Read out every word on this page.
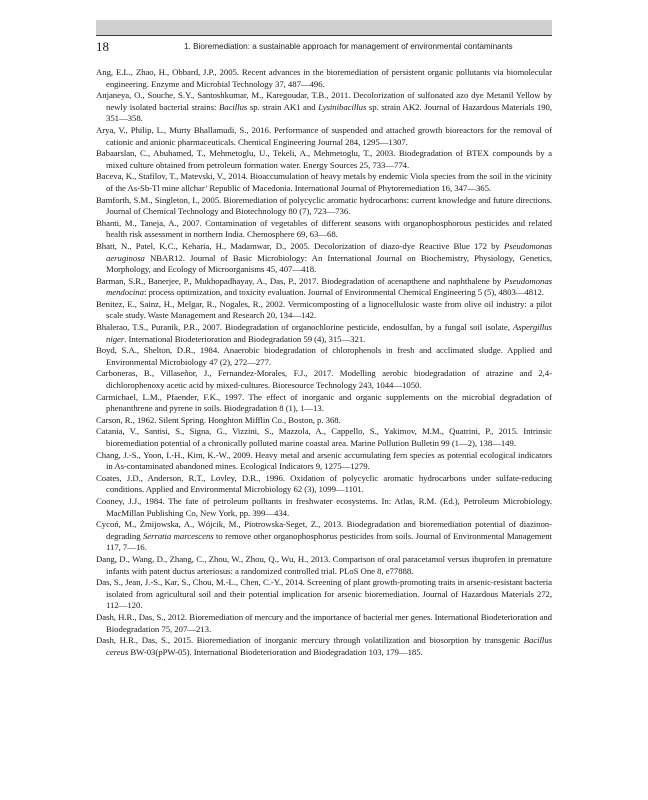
18	1. Bioremediation: a sustainable approach for management of environmental contaminants
Ang, E.L., Zhao, H., Obbard, J.P., 2005. Recent advances in the bioremediation of persistent organic pollutants via biomolecular engineering. Enzyme and Microbial Technology 37, 487—496.
Anjaneya, O., Souche, S.Y., Santoshkumar, M., Karegoudar, T.B., 2011. Decolorization of sulfonated azo dye Metanil Yellow by newly isolated bacterial strains: Bacillus sp. strain AK1 and Lysinibacillus sp. strain AK2. Journal of Hazardous Materials 190, 351—358.
Arya, V., Philip, L., Murty Bhallamudi, S., 2016. Performance of suspended and attached growth bioreactors for the removal of cationic and anionic pharmaceuticals. Chemical Engineering Journal 284, 1295—1307.
Babaarslan, C., Abuhamed, T., Mehmetoglu, U., Tekeli, A., Mehmetoglu, T., 2003. Biodegradation of BTEX compounds by a mixed culture obtained from petroleum formation water. Energy Sources 25, 733—774.
Baceva, K., Stafilov, T., Matevski, V., 2014. Bioaccumulation of heavy metals by endemic Viola species from the soil in the vicinity of the As-Sb-Tl mine allchar’ Republic of Macedonia. International Journal of Phytoremediation 16, 347—365.
Bamforth, S.M., Singleton, I., 2005. Bioremediation of polycyclic aromatic hydrocarbons: current knowledge and future directions. Journal of Chemical Technology and Biotechnology 80 (7), 723—736.
Bhanti, M., Taneja, A., 2007. Contamination of vegetables of different seasons with organophosphorous pesticides and related health risk assessment in northern India. Chemosphere 69, 63—68.
Bhatt, N., Patel, K.C., Keharia, H., Madamwar, D., 2005. Decolorization of diazo-dye Reactive Blue 172 by Pseudomonas aeruginosa NBAR12. Journal of Basic Microbiology: An International Journal on Biochemistry, Physiology, Genetics, Morphology, and Ecology of Microorganisms 45, 407—418.
Barman, S.R., Banerjee, P., Mukhopadhayay, A., Das, P., 2017. Biodegradation of acenapthene and naphthalene by Pseudomonas mendocina: process optimization, and toxicity evaluation. Journal of Environmental Chemical Engineering 5 (5), 4803—4812.
Benitez, E., Sainz, H., Melgar, R., Nogales, R., 2002. Vermicomposting of a lignocellulosic waste from olive oil industry: a pilot scale study. Waste Management and Research 20, 134—142.
Bhalerao, T.S., Puranik, P.R., 2007. Biodegradation of organochlorine pesticide, endosulfan, by a fungal soil isolate, Aspergillus niger. International Biodeterioration and Biodegradation 59 (4), 315—321.
Boyd, S.A., Shelton, D.R., 1984. Anaerobic biodegradation of chlorophenols in fresh and acclimated sludge. Applied and Environmental Microbiology 47 (2), 272—277.
Carboneras, B., Villaseñor, J., Fernandez-Morales, F.J., 2017. Modelling aerobic biodegradation of atrazine and 2,4-dichlorophenoxy acetic acid by mixed-cultures. Bioresource Technology 243, 1044—1050.
Carmichael, L.M., Pfaender, F.K., 1997. The effect of inorganic and organic supplements on the microbial degradation of phenanthrene and pyrene in soils. Biodegradation 8 (1), 1—13.
Carson, R., 1962. Silent Spring. Honghton Mifflin Co., Boston, p. 368.
Catania, V., Santisi, S., Signa, G., Vizzini, S., Mazzola, A., Cappello, S., Yakimov, M.M., Quatrini, P., 2015. Intrinsic bioremediation potential of a chronically polluted marine coastal area. Marine Pollution Bulletin 99 (1—2), 138—149.
Chang, J.-S., Yoon, I.-H., Kim, K.-W., 2009. Heavy metal and arsenic accumulating fern species as potential ecological indicators in As-contaminated abandoned mines. Ecological Indicators 9, 1275—1279.
Coates, J.D., Anderson, R.T., Lovley, D.R., 1996. Oxidation of polycyclic aromatic hydrocarbons under sulfate-reducing conditions. Applied and Environmental Microbiology 62 (3), 1099—1101.
Cooney, J.J., 1984. The fate of petroleum polltants in freshwater ecosystems. In: Atlas, R.M. (Ed.), Petroleum Microbiology. MacMillan Publishing Co, New York, pp. 399—434.
Cycoń, M., Żmijowska, A., Wójcik, M., Piotrowska-Seget, Z., 2013. Biodegradation and bioremediation potential of diazinon-degrading Serratia marcescens to remove other organophosphorus pesticides from soils. Journal of Environmental Management 117, 7—16.
Dang, D., Wang, D., Zhang, C., Zhou, W., Zhou, Q., Wu, H., 2013. Comparison of oral paracetamol versus ibuprofen in premature infants with patent ductus arteriosus: a randomized controlled trial. PLoS One 8, e77888.
Das, S., Jean, J.-S., Kar, S., Chou, M.-L., Chen, C.-Y., 2014. Screening of plant growth-promoting traits in arsenic-resistant bacteria isolated from agricultural soil and their potential implication for arsenic bioremediation. Journal of Hazardous Materials 272, 112—120.
Dash, H.R., Das, S., 2012. Bioremediation of mercury and the importance of bacterial mer genes. International Biodeterioration and Biodegradation 75, 207—213.
Dash, H.R., Das, S., 2015. Bioremediation of inorganic mercury through volatilization and biosorption by transgenic Bacillus cereus BW-03(pPW-05). International Biodeterioration and Biodegradation 103, 179—185.
